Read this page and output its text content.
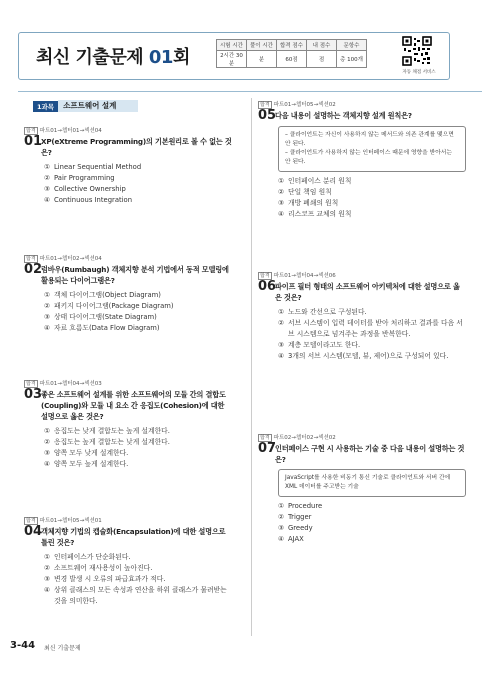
최신 기출문제 01회
시험 시간	풀이 시간	합격 점수	내 점수	문항수
2시간 30분	분	60점	점	총 100개
자동 채점 서비스
1과목	소프트웨어 설계
합격 파트01→챕터01→섹션04
01
XP(eXtreme Programming)의 기본원리로 볼 수 없는 것은?
① Linear Sequential Method
② Pair Programming
③ Collective Ownership
④ Continuous Integration
합격 파트01→챕터02→섹션04
02
럼바우(Rumbaugh) 객체지향 분석 기법에서 동적 모델링에 활용되는 다이어그램은?
① 객체 다이어그램(Object Diagram)
② 패키지 다이어그램(Package Diagram)
③ 상태 다이어그램(State Diagram)
④ 자료 흐름도(Data Flow Diagram)
합격 파트01→챕터04→섹션03
03
좋은 소프트웨어 설계를 위한 소프트웨어의 모듈 간의 결합도(Coupling)와 모듈 내 요소 간 응집도(Cohesion)에 대한 설명으로 옳은 것은?
① 응집도는 낮게 결합도는 높게 설계한다.
② 응집도는 높게 결합도는 낮게 설계한다.
③ 양쪽 모두 낮게 설계한다.
④ 양쪽 모두 높게 설계한다.
합격 파트01→챕터05→섹션01
04
객체지향 기법의 캡슐화(Encapsulation)에 대한 설명으로 틀린 것은?
① 인터페이스가 단순화된다.
② 소프트웨어 재사용성이 높아진다.
③ 변경 발생 시 오류의 파급효과가 적다.
④ 상위 클래스의 모든 속성과 연산을 하위 클래스가 물려받는 것을 의미한다.
합격 파트01→챕터05→섹션02
05
다음 내용이 설명하는 객체지향 설계 원칙은?
– 클라이언트는 자신이 사용하지 않는 메서드와 의존 관계를 맺으면 안 된다.
– 클라이언트가 사용하지 않는 인터페이스 때문에 영향을 받아서는 안 된다.
① 인터페이스 분리 원칙
② 단일 책임 원칙
③ 개방 폐쇄의 원칙
④ 리스코프 교체의 원칙
합격 파트01→챕터04→섹션06
06
파이프 필터 형태의 소프트웨어 아키텍처에 대한 설명으로 옳은 것은?
① 노드와 간선으로 구성된다.
② 서브 시스템이 입력 데이터를 받아 처리하고 결과를 다음 서브 시스템으로 넘겨주는 과정을 반복한다.
③ 계층 모델이라고도 한다.
④ 3개의 서브 시스템(모델, 뷰, 제어)으로 구성되어 있다.
합격 파트02→챕터02→섹션02
07
인터페이스 구현 시 사용하는 기술 중 다음 내용이 설명하는 것은?
JavaScript를 사용한 비동기 통신 기술로 클라이언트와 서버 간에 XML 데이터를 주고받는 기술
① Procedure
② Trigger
③ Greedy
④ AJAX
3-44 최신 기출문제
